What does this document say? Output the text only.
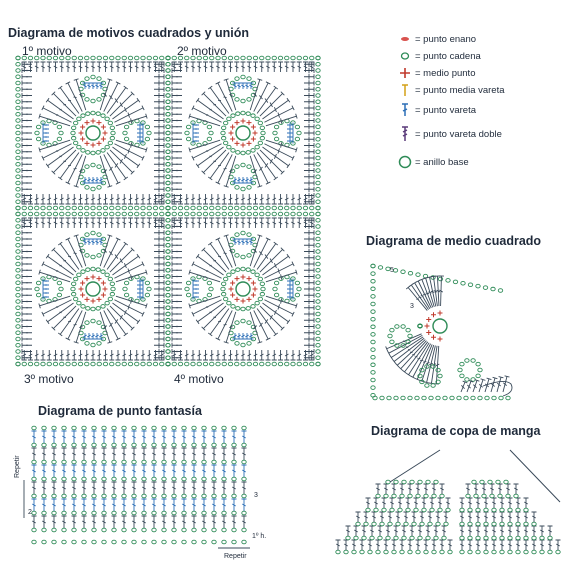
Diagrama de motivos cuadrados y unión
Diagrama de medio cuadrado
Diagrama de punto fantasía
Diagrama de copa de manga
1º motivo	2º motivo
3º motivo	4º motivo
= punto enano
= punto cadena
= medio punto
= punto media vareta
= punto vareta
= punto vareta doble
= anillo base
5
3
Repetir
2
3
1º h.
Repetir
